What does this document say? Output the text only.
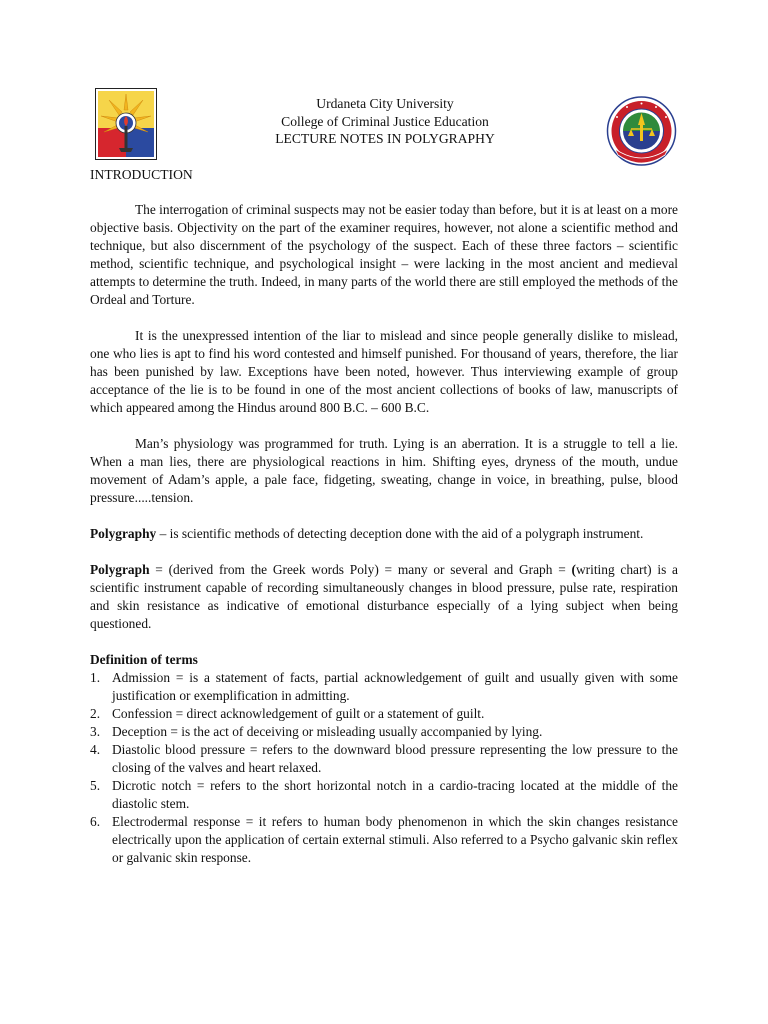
Urdaneta City University
College of Criminal Justice Education
LECTURE NOTES IN POLYGRAPHY
INTRODUCTION

The interrogation of criminal suspects may not be easier today than before, but it is at least on a more objective basis. Objectivity on the part of the examiner requires, however, not alone a scientific method and technique, but also discernment of the psychology of the suspect. Each of these three factors – scientific method, scientific technique, and psychological insight – were lacking in the most ancient and medieval attempts to determine the truth. Indeed, in many parts of the world there are still employed the methods of the Ordeal and Torture.

It is the unexpressed intention of the liar to mislead and since people generally dislike to mislead, one who lies is apt to find his word contested and himself punished. For thousand of years, therefore, the liar has been punished by law. Exceptions have been noted, however. Thus interviewing example of group acceptance of the lie is to be found in one of the most ancient collections of books of law, manuscripts of which appeared among the Hindus around 800 B.C. – 600 B.C.

Man’s physiology was programmed for truth. Lying is an aberration. It is a struggle to tell a lie. When a man lies, there are physiological reactions in him. Shifting eyes, dryness of the mouth, undue movement of Adam’s apple, a pale face, fidgeting, sweating, change in voice, in breathing, pulse, blood pressure.....tension.

Polygraphy – is scientific methods of detecting deception done with the aid of a polygraph instrument.

Polygraph = (derived from the Greek words Poly) = many or several and Graph = (writing chart) is a scientific instrument capable of recording simultaneously changes in blood pressure, pulse rate, respiration and skin resistance as indicative of emotional disturbance especially of a lying subject when being questioned.

Definition of terms

1. Admission = is a statement of facts, partial acknowledgement of guilt and usually given with some justification or exemplification in admitting.
2. Confession = direct acknowledgement of guilt or a statement of guilt.
3. Deception = is the act of deceiving or misleading usually accompanied by lying.
4. Diastolic blood pressure = refers to the downward blood pressure representing the low pressure to the closing of the valves and heart relaxed.
5. Dicrotic notch = refers to the short horizontal notch in a cardio-tracing located at the middle of the diastolic stem.
6. Electrodermal response = it refers to human body phenomenon in which the skin changes resistance electrically upon the application of certain external stimuli. Also referred to a Psycho galvanic skin reflex or galvanic skin response.
